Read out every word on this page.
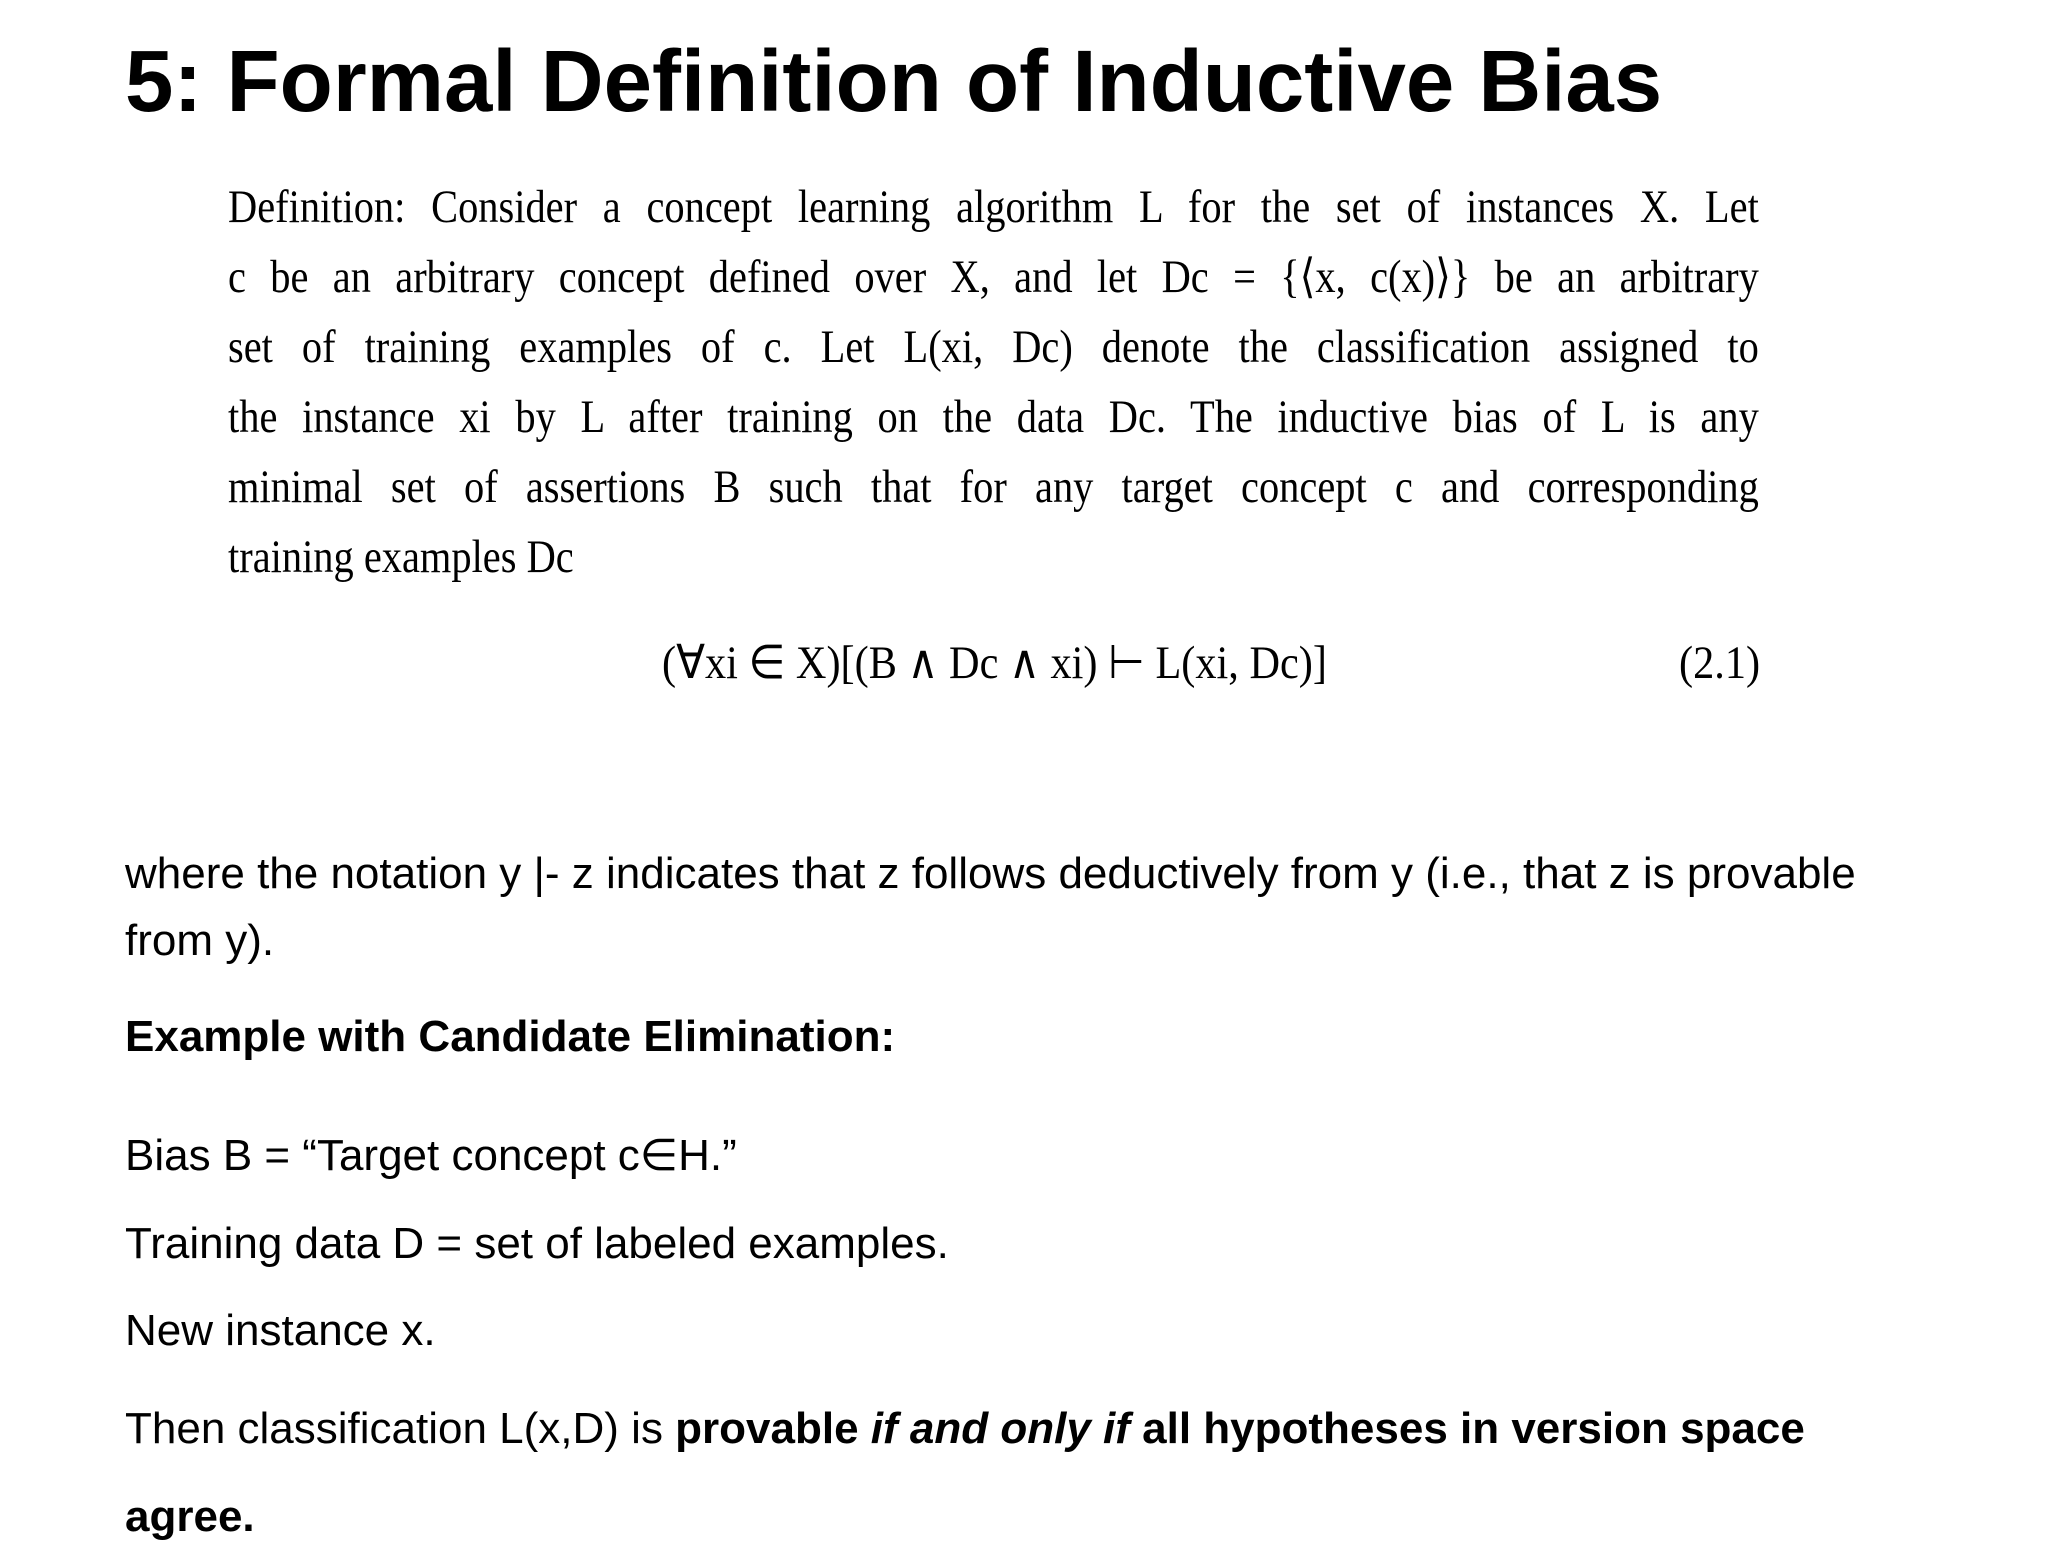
5: Formal Definition of Inductive Bias
Definition: Consider a concept learning algorithm L for the set of instances X. Let
c be an arbitrary concept defined over X, and let Dc = {⟨x, c(x)⟩} be an arbitrary
set of training examples of c. Let L(xi, Dc) denote the classification assigned to
the instance xi by L after training on the data Dc. The inductive bias of L is any
minimal set of assertions B such that for any target concept c and corresponding
training examples Dc
(∀xi ∈ X)[(B ∧ Dc ∧ xi) ⊢ L(xi, Dc)]	(2.1)

where the notation y |- z indicates that z follows deductively from y (i.e., that z is provable from y).

Example with Candidate Elimination:

Bias B = “Target concept c∈H.”

Training data D = set of labeled examples.

New instance x.

Then classification L(x,D) is provable if and only if all hypotheses in version space agree.
